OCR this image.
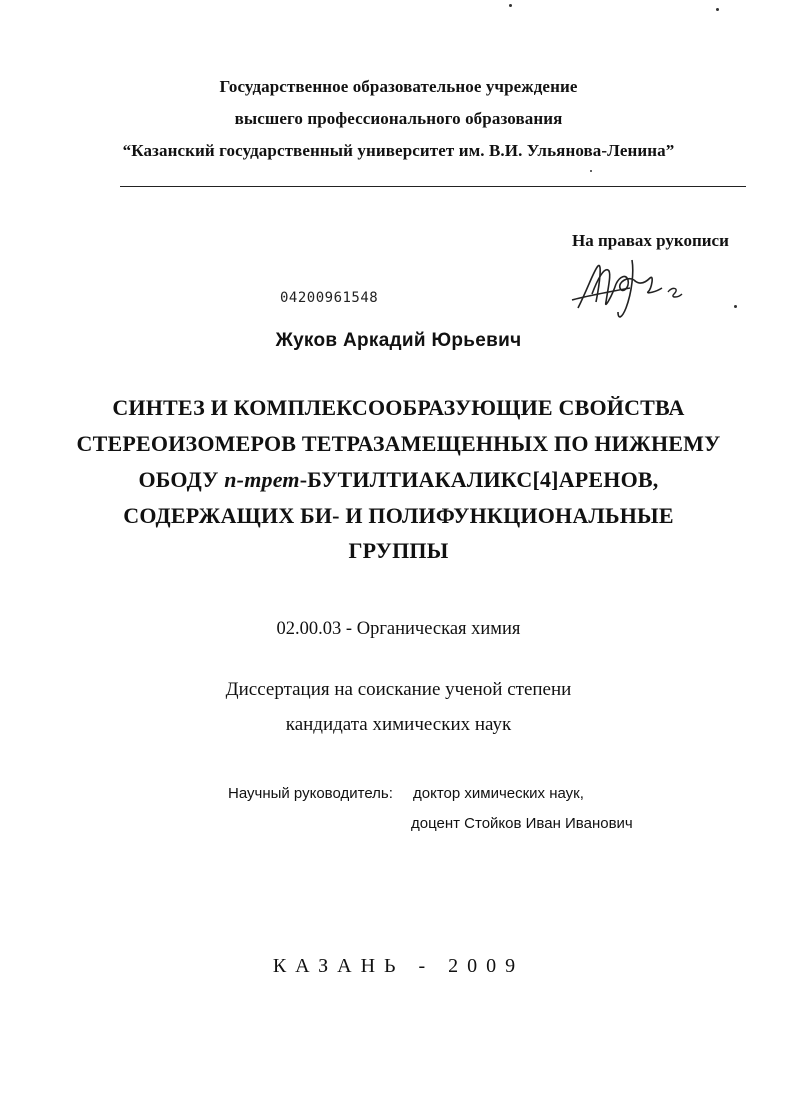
Государственное образовательное учреждение
высшего профессионального образования
“Казанский государственный университет им. В.И. Ульянова-Ленина”
На правах рукописи
04200961548
Жуков Аркадий Юрьевич
СИНТЕЗ И КОМПЛЕКСООБРАЗУЮЩИЕ СВОЙСТВА
СТЕРЕОИЗОМЕРОВ ТЕТРАЗАМЕЩЕННЫХ ПО НИЖНЕМУ
ОБОДУ п-трет-БУТИЛТИАКАЛИКС[4]АРЕНОВ,
СОДЕРЖАЩИХ БИ- И ПОЛИФУНКЦИОНАЛЬНЫЕ
ГРУППЫ
02.00.03 - Органическая химия
Диссертация на соискание ученой степени
кандидата химических наук
Научный руководитель: доктор химических наук,
доцент Стойков Иван Иванович
КАЗАНЬ - 2009
